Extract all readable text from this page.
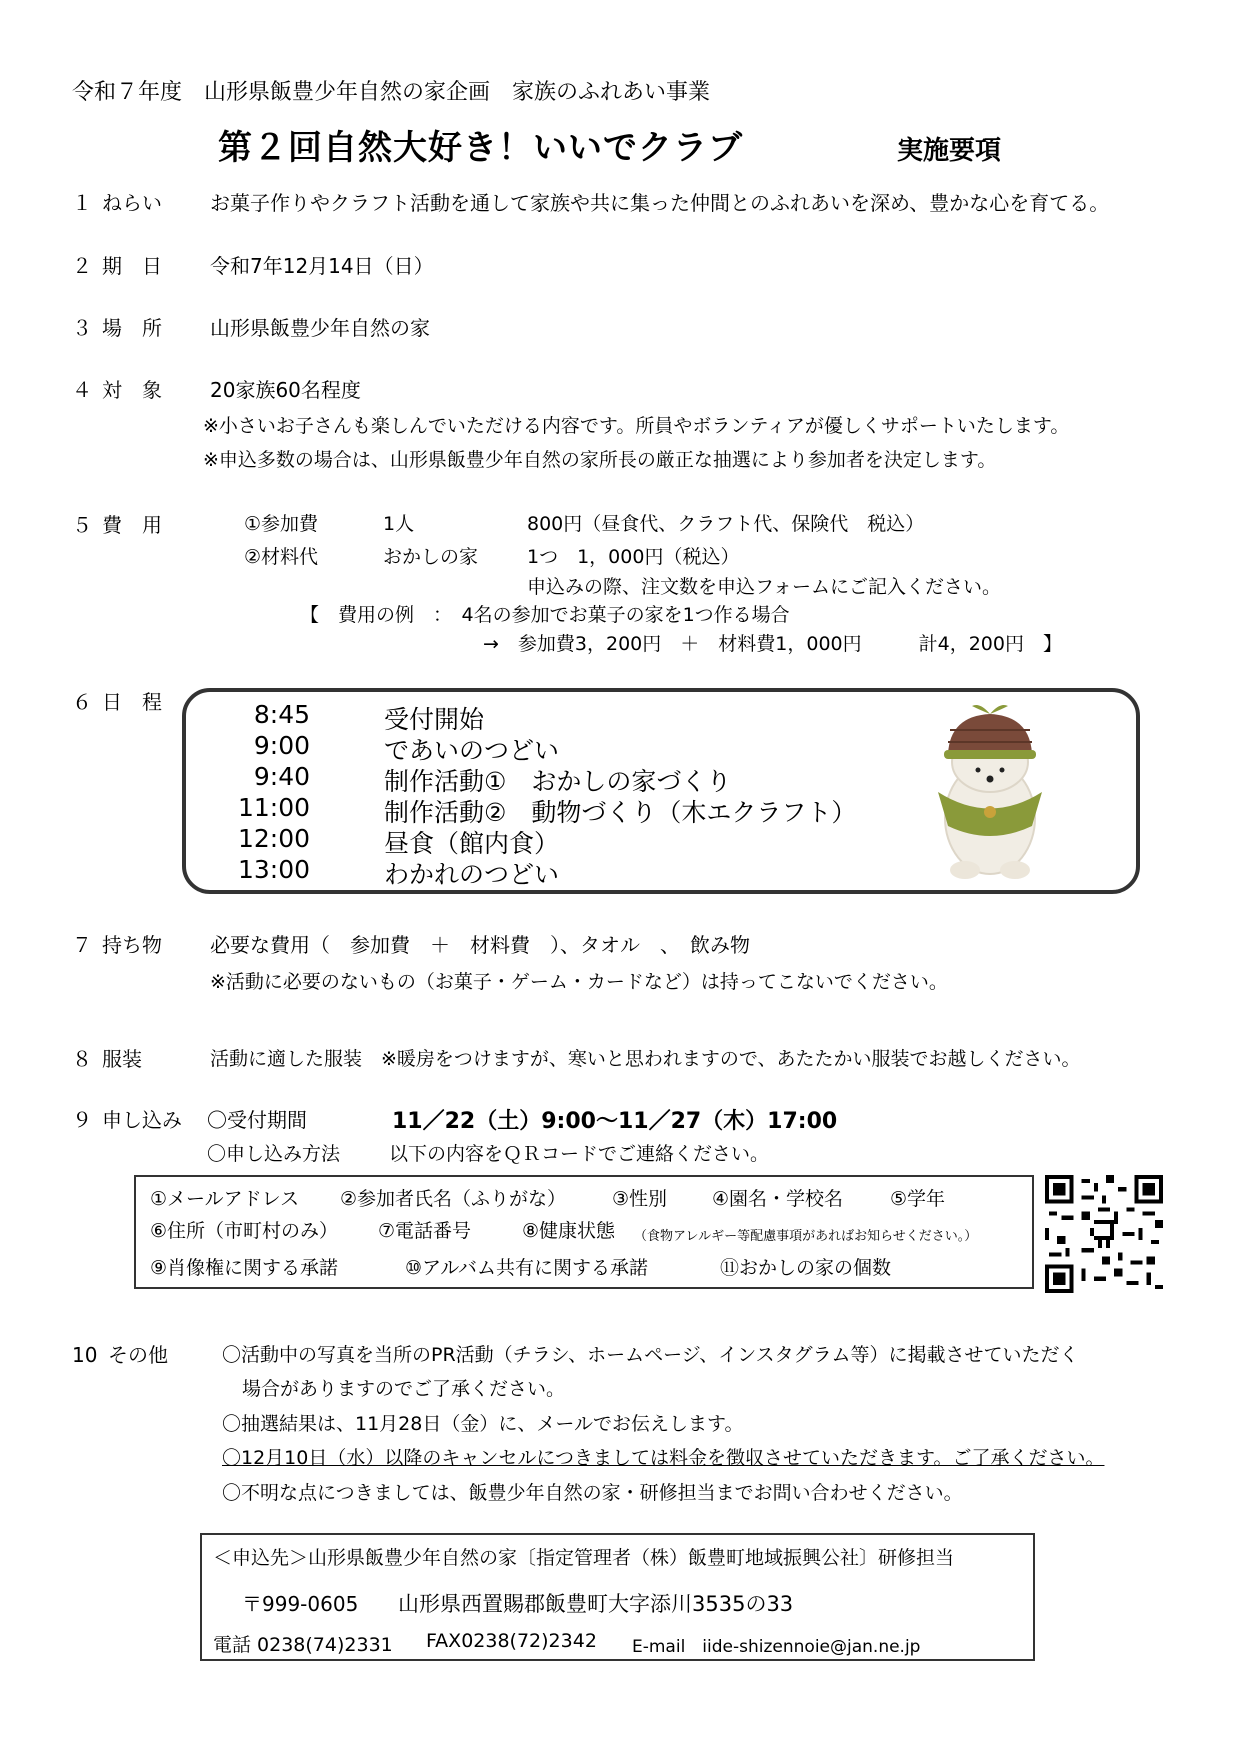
令和７年度　山形県飯豊少年自然の家企画　家族のふれあい事業
第２回自然大好き！いいでクラブ	実施要項
１ ねらい お菓子作りやクラフト活動を通して家族や共に集った仲間とのふれあいを深め、豊かな心を育てる。
２ 期　日 令和7年12月14日（日）
３ 場　所 山形県飯豊少年自然の家
４ 対　象 20家族60名程度
※小さいお子さんも楽しんでいただける内容です。所員やボランティアが優しくサポートいたします。
※申込多数の場合は、山形県飯豊少年自然の家所長の厳正な抽選により参加者を決定します。
５ 費　用	①参加費	1人	800円（昼食代、クラフト代、保険代　税込）
②材料代	おかしの家	1つ　1，000円（税込）
申込みの際、注文数を申込フォームにご記入ください。
【　費用の例　：　4名の参加でお菓子の家を1つ作る場合
→　参加費3，200円　＋　材料費1，000円　　　計4，200円　】
６ 日　程	8:45	受付開始
9:00	であいのつどい
9:40	制作活動①　おかしの家づくり
11:00	制作活動②　動物づくり（木エクラフト）
12:00	昼食（館内食）
13:00	わかれのつどい
７ 持ち物 必要な費用（　参加費　＋　材料費　）、タオル　、　飲み物
※活動に必要のないもの（お菓子・ゲーム・カードなど）は持ってこないでください。
８ 服装	活動に適した服装　※暖房をつけますが、寒いと思われますので、あたたかい服装でお越しください。
９ 申し込み 〇受付期間	11／22（土）9:00～11／27（木）17:00
〇申し込み方法	以下の内容をＱＲコードでご連絡ください。
①メールアドレス ②参加者氏名（ふりがな） ③性別 ④園名・学校名 ⑤学年
⑥住所（市町村のみ） ⑦電話番号	⑧健康状態 （食物アレルギー等配慮事項があればお知らせください。）
⑨肖像権に関する承諾	⑩アルバム共有に関する承諾	⑪おかしの家の個数
10 その他	〇活動中の写真を当所のPR活動（チラシ、ホームページ、インスタグラム等）に掲載させていただく
場合がありますのでご了承ください。
〇抽選結果は、11月28日（金）に、メールでお伝えします。
〇12月10日（水）以降のキャンセルにつきましては料金を徴収させていただきます。ご了承ください。
〇不明な点につきましては、飯豊少年自然の家・研修担当までお問い合わせください。
＜申込先＞山形県飯豊少年自然の家〔指定管理者（株）飯豊町地域振興公社〕研修担当
〒999-0605 山形県西置賜郡飯豊町大字添川3535の33
電話 0238(74)2331 FAX0238(72)2342 E-mail　iide-shizennoie@jan.ne.jp
